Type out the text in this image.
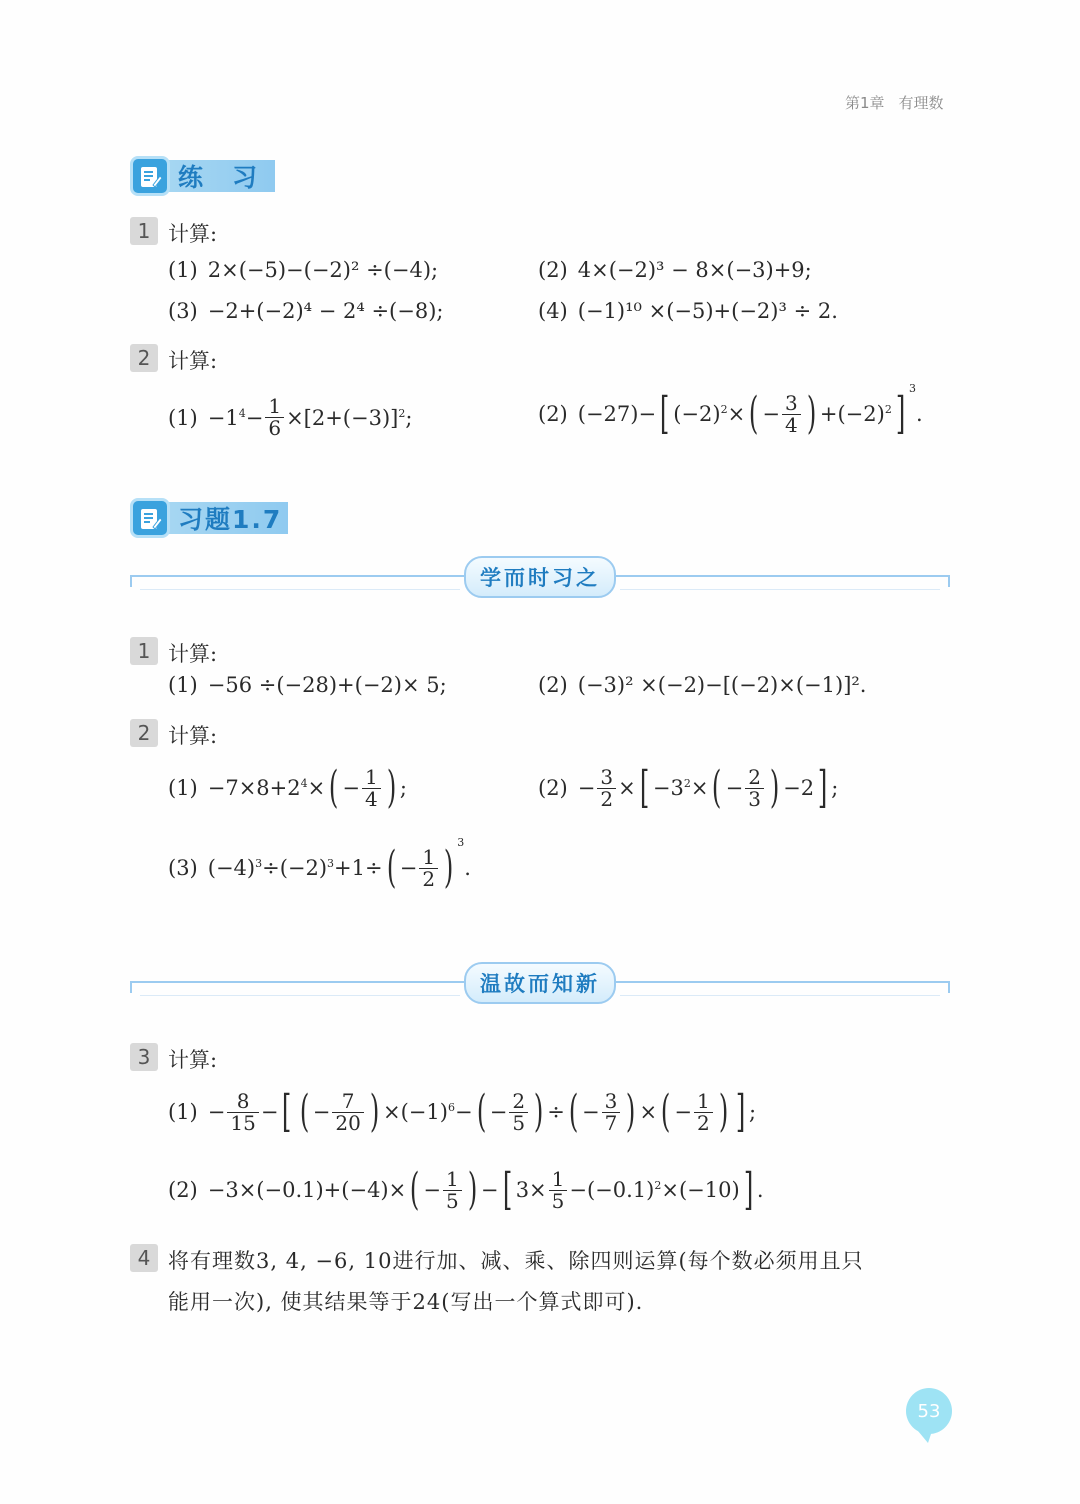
第1章 有理数
练　习
1 计算:
(1) 2×(−5)−(−2)² ÷(−4);	(2) 4×(−2)³ − 8×(−3)+9;
(3) −2+(−2)⁴ − 2⁴ ÷(−8);	(4) (−1)¹⁰ ×(−5)+(−2)³ ÷ 2.
2 计算:
$(1) -1^4- \frac{1}{6} \times[2+(-3)]^2$;	(2) (−27)− [ $(-2)^2\times$ ( − $\frac{3}{4}$ ) $+(-2)^2$ ] 3
.
习题1.7
学而时习之
1 计算:
(1) −56 ÷(−28)+(−2)× 5;	(2) (−3)² ×(−2)−[(−2)×(−1)]².
2 计算:
$(1) -7\times 8+2^4\times$ ( − $\frac{1}{4}$ ) ;	$(2) - \frac{3}{2}$ × [ $-3^2\times$ ( − $\frac{2}{3}$ ) −2 ] ;
(3) $(-4)^3\div(-2)^3+1\div$ ( − $\frac{1}{2}$ ) 3
.
温故而知新
3 计算:
$(1) - \frac{8}{15}$ − [ ( − $\frac{7}{20}$ ) $\times(-1)^6-$ ( − $\frac{2}{5}$ ) ÷ ( − $\frac{3}{7}$ ) × ( − $\frac{1}{2}$ ) ] ;
(2) −3×(−0.1)+(−4)× ( − $\frac{1}{5}$ ) − [ $3\times \frac{1}{5} -(-0.1)^2\times(-10)$ ] .
4 将有理数3, 4, −6, 10进行加、减、乘、除四则运算(每个数必须用且只
能用一次), 使其结果等于24(写出一个算式即可).
53
